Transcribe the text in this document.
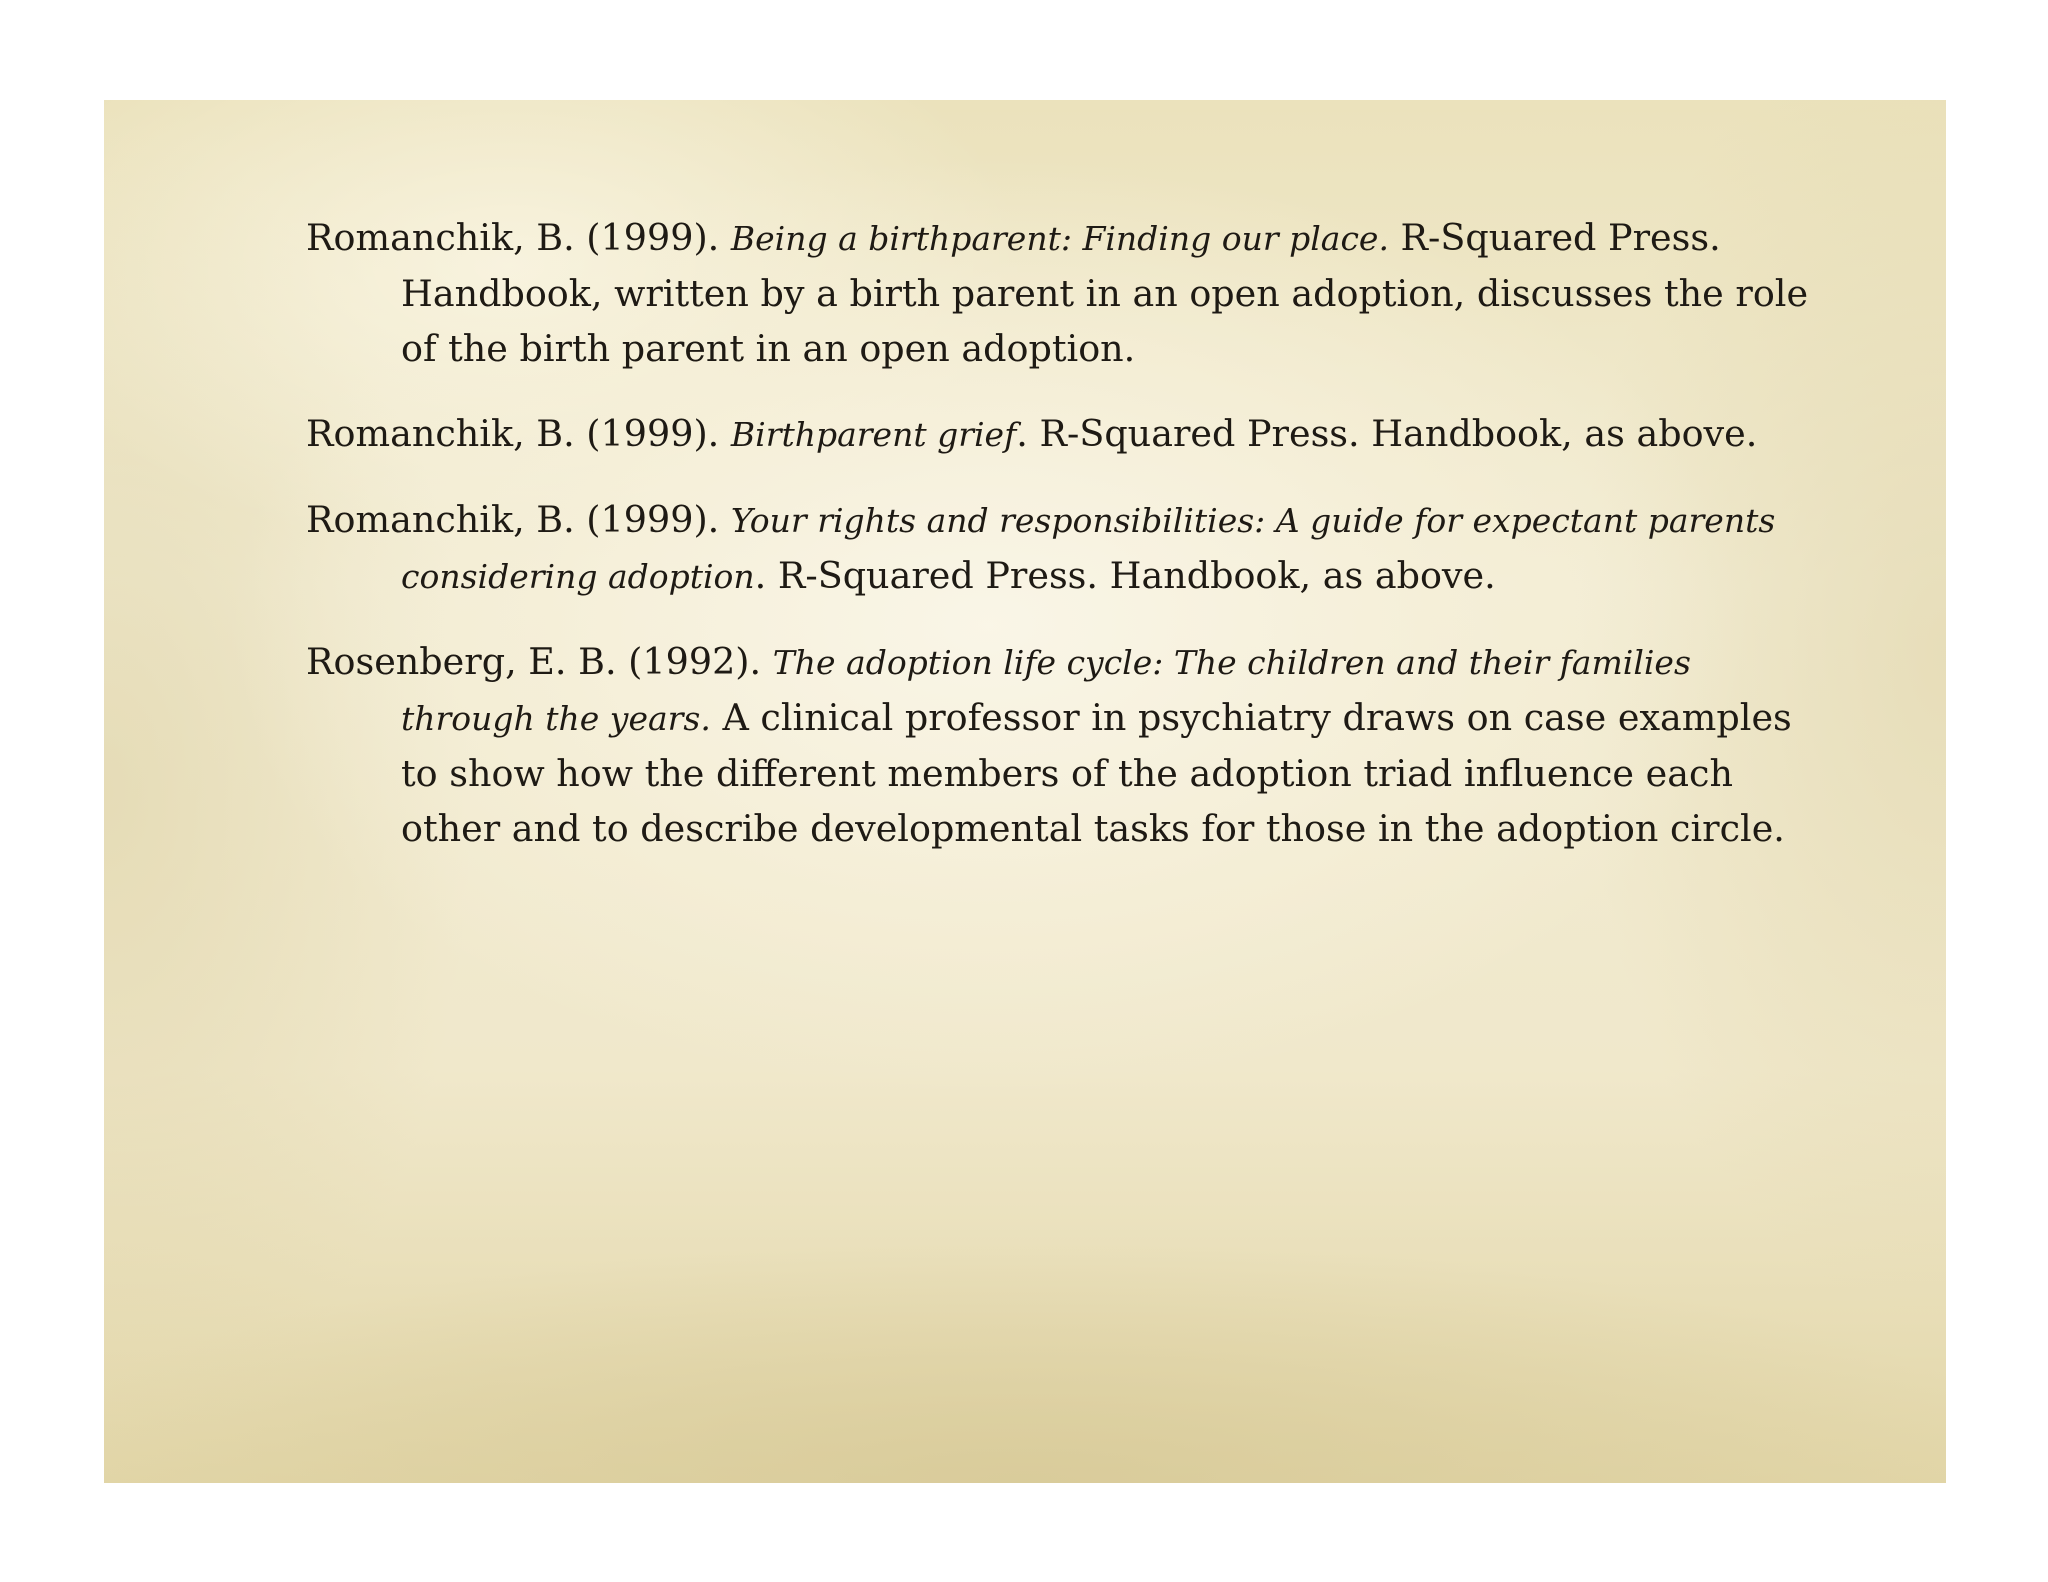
Romanchik, B. (1999). Being a birthparent: Finding our place. R-Squared Press. Handbook, written by a birth parent in an open adoption, discusses the role of the birth parent in an open adoption.

Romanchik, B. (1999). Birthparent grief. R-Squared Press. Handbook, as above.

Romanchik, B. (1999). Your rights and responsibilities: A guide for expectant parents considering adoption. R-Squared Press. Handbook, as above.

Rosenberg, E. B. (1992). The adoption life cycle: The children and their families through the years. A clinical professor in psychiatry draws on case examples to show how the different members of the adoption triad influence each other and to describe developmental tasks for those in the adoption circle.
